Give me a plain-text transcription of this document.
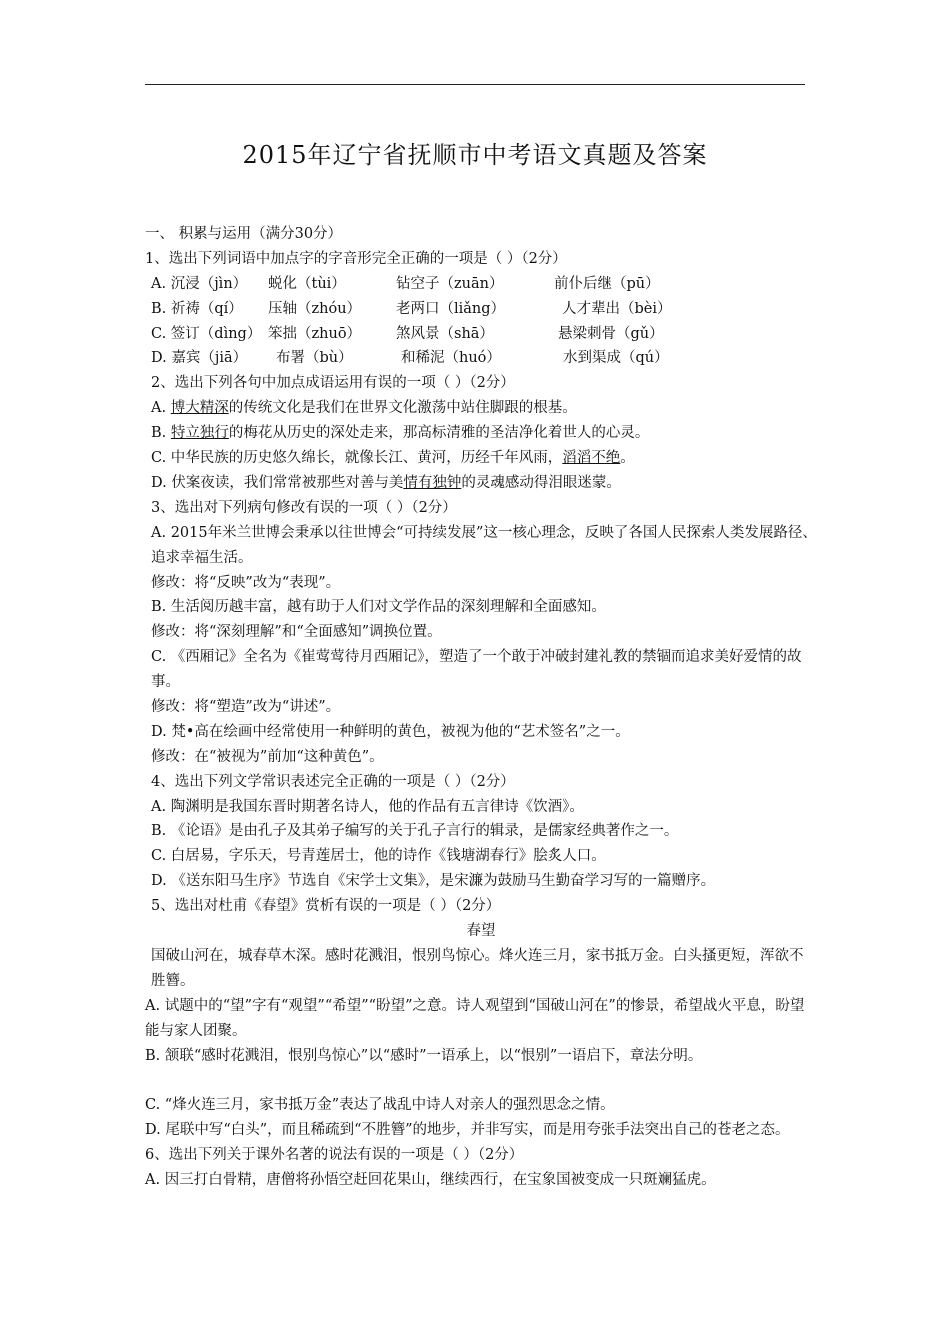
2015年辽宁省抚顺市中考语文真题及答案
一、 积累与运用（满分30分）
1、选出下列词语中加点字的字音形完全正确的一项是（ ）（2分）
A. 沉浸（jìn） 蜕化（tùi）	钻空子（zuān）	前仆后继（pū）
B. 祈祷（qí） 压轴（zhóu） 老两口（liǎng）	人才辈出（bèi）
C. 签订（dìng） 笨拙（zhuō） 煞风景（shā）	悬梁刺骨（gǔ）
D. 嘉宾（jiā） 布署（bù）	和稀泥（huó）	水到渠成（qú）
2、选出下列各句中加点成语运用有误的一项（ ）（2分）
A. 博大精深的传统文化是我们在世界文化激荡中站住脚跟的根基。
B. 特立独行的梅花从历史的深处走来，那高标清雅的圣洁净化着世人的心灵。
C. 中华民族的历史悠久绵长，就像长江、黄河，历经千年风雨，滔滔不绝。
D. 伏案夜读，我们常常被那些对善与美情有独钟的灵魂感动得泪眼迷蒙。
3、选出对下列病句修改有误的一项（ ）（2分）
A. 2015年米兰世博会秉承以往世博会“可持续发展”这一核心理念，反映了各国人民探索人类发展路径、追求幸福生活。
修改：将“反映”改为“表现”。
B. 生活阅历越丰富，越有助于人们对文学作品的深刻理解和全面感知。
修改：将“深刻理解”和“全面感知”调换位置。
C. 《西厢记》全名为《崔莺莺待月西厢记》，塑造了一个敢于冲破封建礼教的禁锢而追求美好爱情的故事。
修改：将“塑造”改为“讲述”。
D. 梵•高在绘画中经常使用一种鲜明的黄色，被视为他的“艺术签名”之一。
修改：在“被视为”前加“这种黄色”。
4、选出下列文学常识表述完全正确的一项是（ ）（2分）
A. 陶渊明是我国东晋时期著名诗人，他的作品有五言律诗《饮酒》。
B. 《论语》是由孔子及其弟子编写的关于孔子言行的辑录，是儒家经典著作之一。
C. 白居易，字乐天，号青莲居士，他的诗作《钱塘湖春行》脍炙人口。
D. 《送东阳马生序》节选自《宋学士文集》，是宋濂为鼓励马生勤奋学习写的一篇赠序。
5、选出对杜甫《春望》赏析有误的一项是（ ）（2分）
春望
国破山河在，城春草木深。感时花溅泪，恨别鸟惊心。烽火连三月，家书抵万金。白头搔更短，浑欲不胜簪。
A. 试题中的“望”字有“观望”“希望”“盼望”之意。诗人观望到“国破山河在”的惨景，希望战火平息，盼望 能与家人团聚。
B. 颔联“感时花溅泪，恨别鸟惊心”以“感时”一语承上，以“恨别”一语启下，章法分明。
C. “烽火连三月，家书抵万金”表达了战乱中诗人对亲人的强烈思念之情。
D. 尾联中写“白头”，而且稀疏到“不胜簪”的地步，并非写实，而是用夸张手法突出自己的苍老之态。
6、选出下列关于课外名著的说法有误的一项是（ ）（2分）
A. 因三打白骨精，唐僧将孙悟空赶回花果山，继续西行，在宝象国被变成一只斑斓猛虎。
